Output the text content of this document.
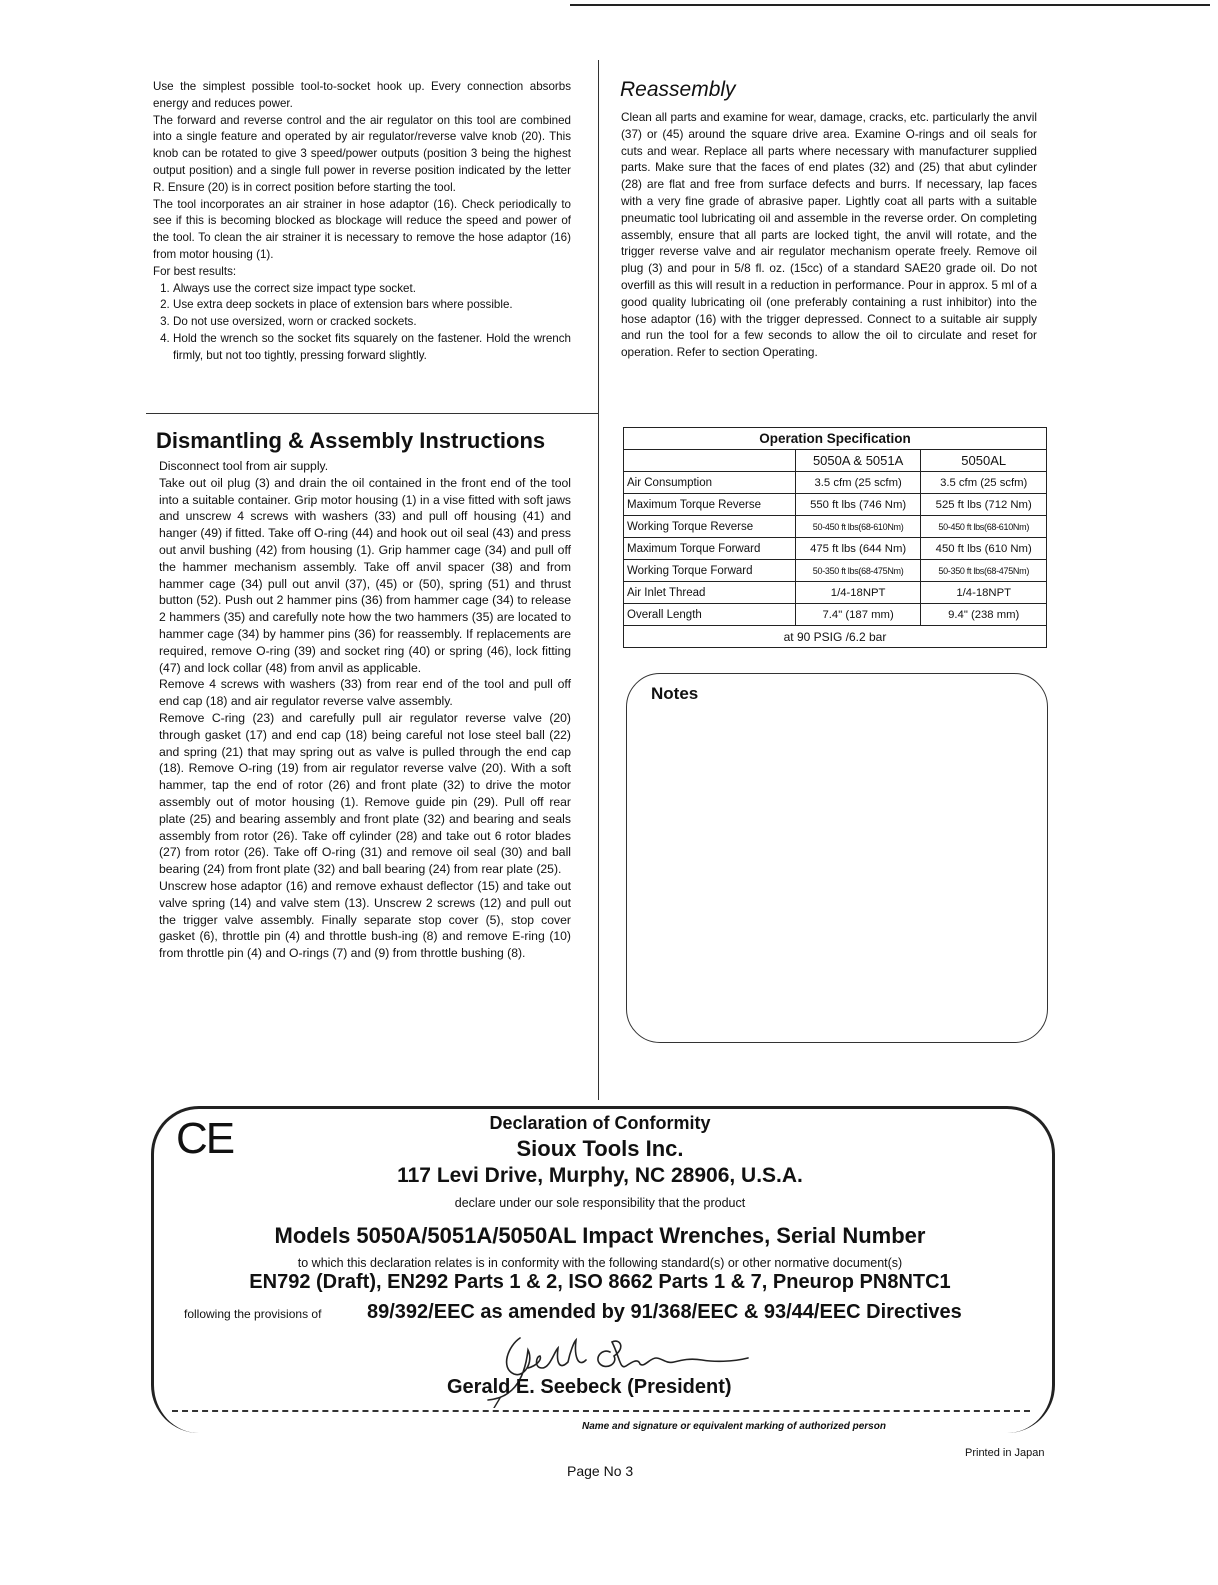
Use the simplest possible tool-to-socket hook up. Every connection absorbs energy and reduces power.

The forward and reverse control and the air regulator on this tool are combined into a single feature and operated by air regulator/reverse valve knob (20). This knob can be rotated to give 3 speed/power outputs (position 3 being the highest output position) and a single full power in reverse position indicated by the letter R. Ensure (20) is in correct position before starting the tool.

The tool incorporates an air strainer in hose adaptor (16). Check periodically to see if this is becoming blocked as blockage will reduce the speed and power of the tool. To clean the air strainer it is necessary to remove the hose adaptor (16) from motor housing (1).

For best results:

1. Always use the correct size impact type socket.
2. Use extra deep sockets in place of extension bars where possible.
3. Do not use oversized, worn or cracked sockets.
4. Hold the wrench so the socket fits squarely on the fastener. Hold the wrench firmly, but not too tightly, pressing forward slightly.
Dismantling & Assembly Instructions

Disconnect tool from air supply.

Take out oil plug (3) and drain the oil contained in the front end of the tool into a suitable container. Grip motor housing (1) in a vise fitted with soft jaws and unscrew 4 screws with washers (33) and pull off housing (41) and hanger (49) if fitted. Take off O-ring (44) and hook out oil seal (43) and press out anvil bushing (42) from housing (1). Grip hammer cage (34) and pull off the hammer mechanism assembly. Take off anvil spacer (38) and from hammer cage (34) pull out anvil (37), (45) or (50), spring (51) and thrust button (52). Push out 2 hammer pins (36) from hammer cage (34) to release 2 hammers (35) and carefully note how the two hammers (35) are located to hammer cage (34) by hammer pins (36) for reassembly. If replacements are required, remove O-ring (39) and socket ring (40) or spring (46), lock fitting (47) and lock collar (48) from anvil as applicable.

Remove 4 screws with washers (33) from rear end of the tool and pull off end cap (18) and air regulator reverse valve assembly.

Remove C-ring (23) and carefully pull air regulator reverse valve (20) through gasket (17) and end cap (18) being careful not lose steel ball (22) and spring (21) that may spring out as valve is pulled through the end cap (18). Remove O-ring (19) from air regulator reverse valve (20). With a soft hammer, tap the end of rotor (26) and front plate (32) to drive the motor assembly out of motor housing (1). Remove guide pin (29). Pull off rear plate (25) and bearing assembly and front plate (32) and bearing and seals assembly from rotor (26). Take off cylinder (28) and take out 6 rotor blades (27) from rotor (26). Take off O-ring (31) and remove oil seal (30) and ball bearing (24) from front plate (32) and ball bearing (24) from rear plate (25).

Unscrew hose adaptor (16) and remove exhaust deflector (15) and take out valve spring (14) and valve stem (13). Unscrew 2 screws (12) and pull out the trigger valve assembly. Finally separate stop cover (5), stop cover gasket (6), throttle pin (4) and throttle bush-ing (8) and remove E-ring (10) from throttle pin (4) and O-rings (7) and (9) from throttle bushing (8).

Reassembly

Clean all parts and examine for wear, damage, cracks, etc. particularly the anvil (37) or (45) around the square drive area. Examine O-rings and oil seals for cuts and wear. Replace all parts where necessary with manufacturer supplied parts. Make sure that the faces of end plates (32) and (25) that abut cylinder (28) are flat and free from surface defects and burrs. If necessary, lap faces with a very fine grade of abrasive paper. Lightly coat all parts with a suitable pneumatic tool lubricating oil and assemble in the reverse order. On completing assembly, ensure that all parts are locked tight, the anvil will rotate, and the trigger reverse valve and air regulator mechanism operate freely. Remove oil plug (3) and pour in 5/8 fl. oz. (15cc) of a standard SAE20 grade oil. Do not overfill as this will result in a reduction in performance. Pour in approx. 5 ml of a good quality lubricating oil (one preferably containing a rust inhibitor) into the hose adaptor (16) with the trigger depressed. Connect to a suitable air supply and run the tool for a few seconds to allow the oil to circulate and reset for operation. Refer to section Operating.

Operation Specification		
	5050A & 5051A	5050AL
Air Consumption	3.5 cfm (25 scfm)	3.5 cfm (25 scfm)
Maximum Torque Reverse	550 ft lbs (746 Nm)	525 ft lbs (712 Nm)
Working Torque Reverse	50-450 ft lbs(68-610Nm)	50-450 ft lbs(68-610Nm)
Maximum Torque Forward	475 ft lbs (644 Nm)	450 ft lbs (610 Nm)
Working Torque Forward	50-350 ft lbs(68-475Nm)	50-350 ft lbs(68-475Nm)
Air Inlet Thread	1/4-18NPT	1/4-18NPT
Overall Length	7.4" (187 mm)	9.4" (238 mm)
at 90 PSIG /6.2 bar		
Notes
CE	Declaration of Conformity
Sioux Tools Inc.
117 Levi Drive, Murphy, NC 28906, U.S.A.
declare under our sole responsibility that the product
Models 5050A/5051A/5050AL Impact Wrenches, Serial Number
to which this declaration relates is in conformity with the following standard(s) or other normative document(s)
EN792 (Draft), EN292 Parts 1 & 2, ISO 8662 Parts 1 & 7, Pneurop PN8NTC1
following the provisions of 89/392/EEC as amended by 91/368/EEC & 93/44/EEC Directives
Gerald E. Seebeck (President)
Name and signature or equivalent marking of authorized person
Printed in Japan
Page No 3
